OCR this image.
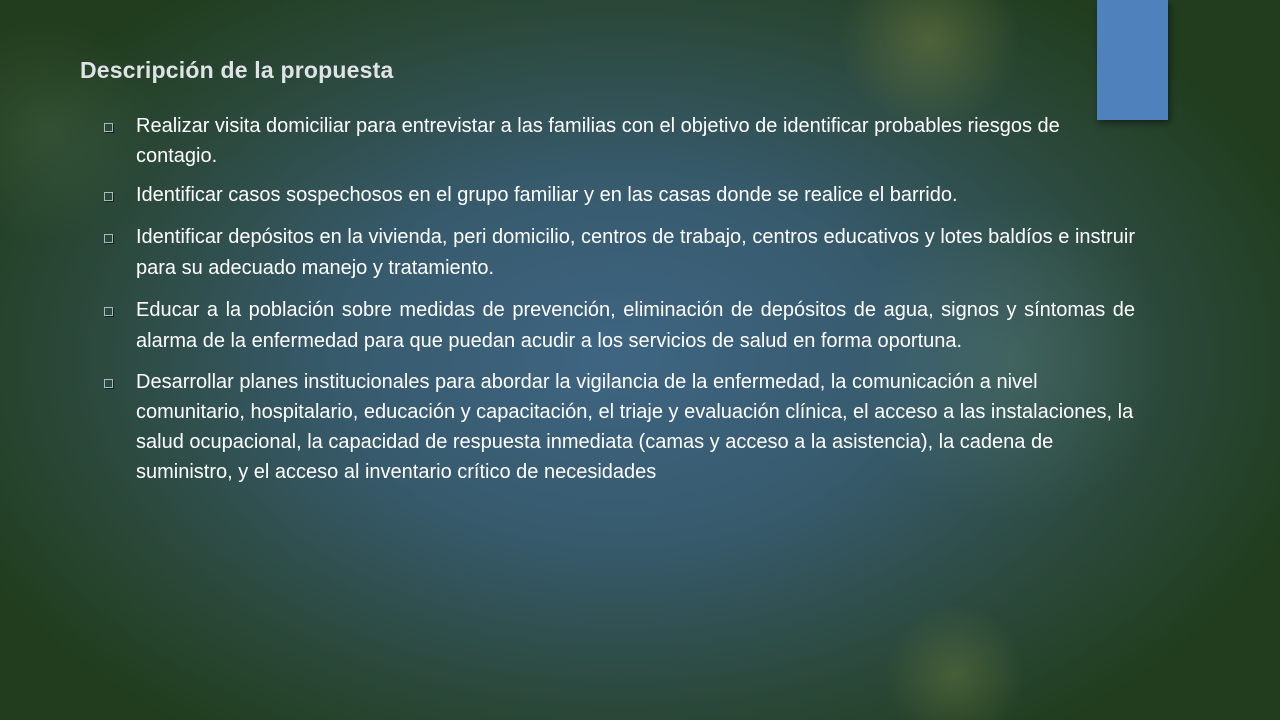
Descripción de la propuesta
Realizar visita domiciliar para entrevistar a las familias con el objetivo de identificar probables riesgos de contagio.
Identificar casos sospechosos en el grupo familiar y en las casas donde se realice el barrido.
Identificar depósitos en la vivienda, peri domicilio, centros de trabajo, centros educativos y lotes baldíos e instruir para su adecuado manejo y tratamiento.
Educar a la población sobre medidas de prevención, eliminación de depósitos de agua, signos y síntomas de alarma de la enfermedad para que puedan acudir a los servicios de salud en forma oportuna.
Desarrollar planes institucionales para abordar la vigilancia de la enfermedad, la comunicación a nivel comunitario, hospitalario, educación y capacitación, el triaje y evaluación clínica, el acceso a las instalaciones, la salud ocupacional, la capacidad de respuesta inmediata (camas y acceso a la asistencia), la cadena de suministro, y el acceso al inventario crítico de necesidades
